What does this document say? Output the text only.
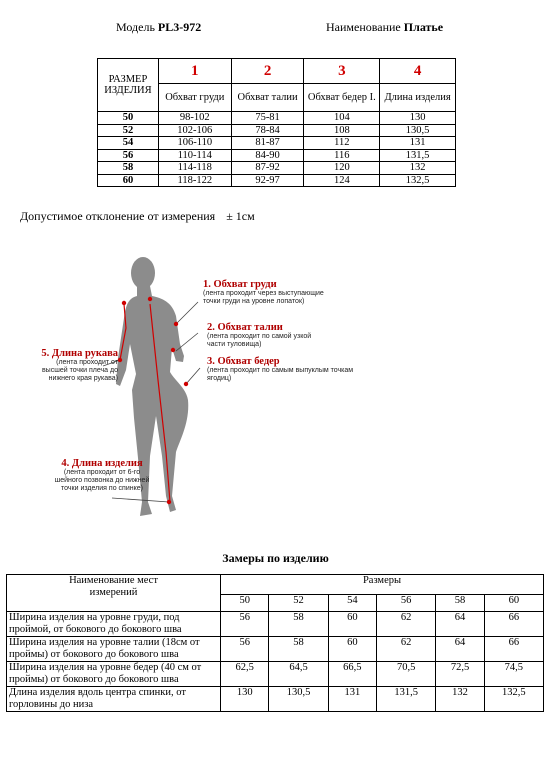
Модель PL3-972	Наименование Платье
РАЗМЕР ИЗДЕЛИЯ	1	2	3	4
	Обхват груди	Обхват талии	Обхват бедер I.	Длина изделия
50	98-102	75-81	104	130
52	102-106	78-84	108	130,5
54	106-110	81-87	112	131
56	110-114	84-90	116	131,5
58	114-118	87-92	120	132
60	118-122	92-97	124	132,5
Допустимое отклонение от измерения ± 1см
1. Обхват груди
(лента проходит через выступающие точки груди на уровне лопаток)
2. Обхват талии
(лента проходит по самой узкой части туловища)
3. Обхват бедер
(лента проходит по самым выпуклым точкам ягодиц)
5. Длина рукава
(лента проходит от высшей точки плеча до нижнего края рукава)
4. Длина изделия
(лента проходит от 6-го шейного позвонка до нижней точки изделия по спинке)
Замеры по изделию
Наименование мест измерений	Размеры					
	50	52	54	56	58	60
Ширина изделия на уровне груди, под проймой, от бокового до бокового шва	56	58	60	62	64	66
Ширина изделия на уровне талии (18см от проймы) от бокового до бокового шва	56	58	60	62	64	66
Ширина изделия на уровне бедер (40 см от проймы) от бокового до бокового шва	62,5	64,5	66,5	70,5	72,5	74,5
Длина изделия вдоль центра спинки, от горловины до низа	130	130,5	131	131,5	132	132,5
